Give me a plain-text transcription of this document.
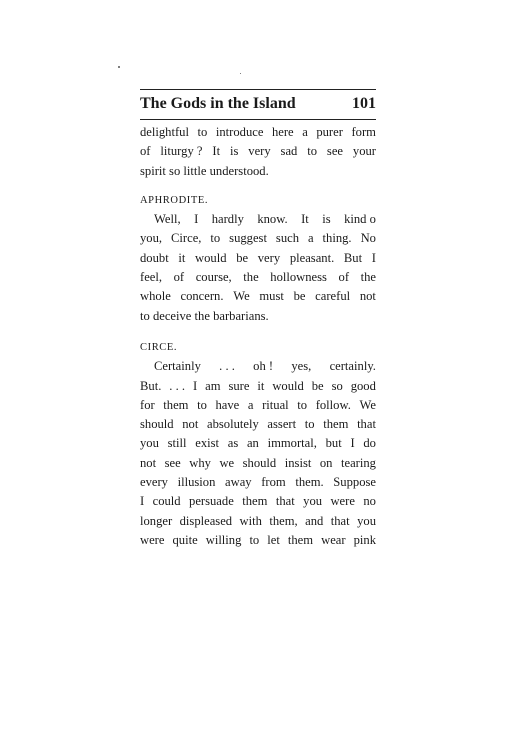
The Gods in the Island	101
delightful to introduce here a purer form
of liturgy ? It is very sad to see your
spirit so little understood.
APHRODITE.
Well, I hardly know. It is kind o
you, Circe, to suggest such a thing. No
doubt it would be very pleasant. But I
feel, of course, the hollowness of the
whole concern. We must be careful not
to deceive the barbarians.
CIRCE.
Certainly . . . oh ! yes, certainly.
But. . . . I am sure it would be so good
for them to have a ritual to follow. We
should not absolutely assert to them that
you still exist as an immortal, but I do
not see why we should insist on tearing
every illusion away from them. Suppose
I could persuade them that you were no
longer displeased with them, and that you
were quite willing to let them wear pink
